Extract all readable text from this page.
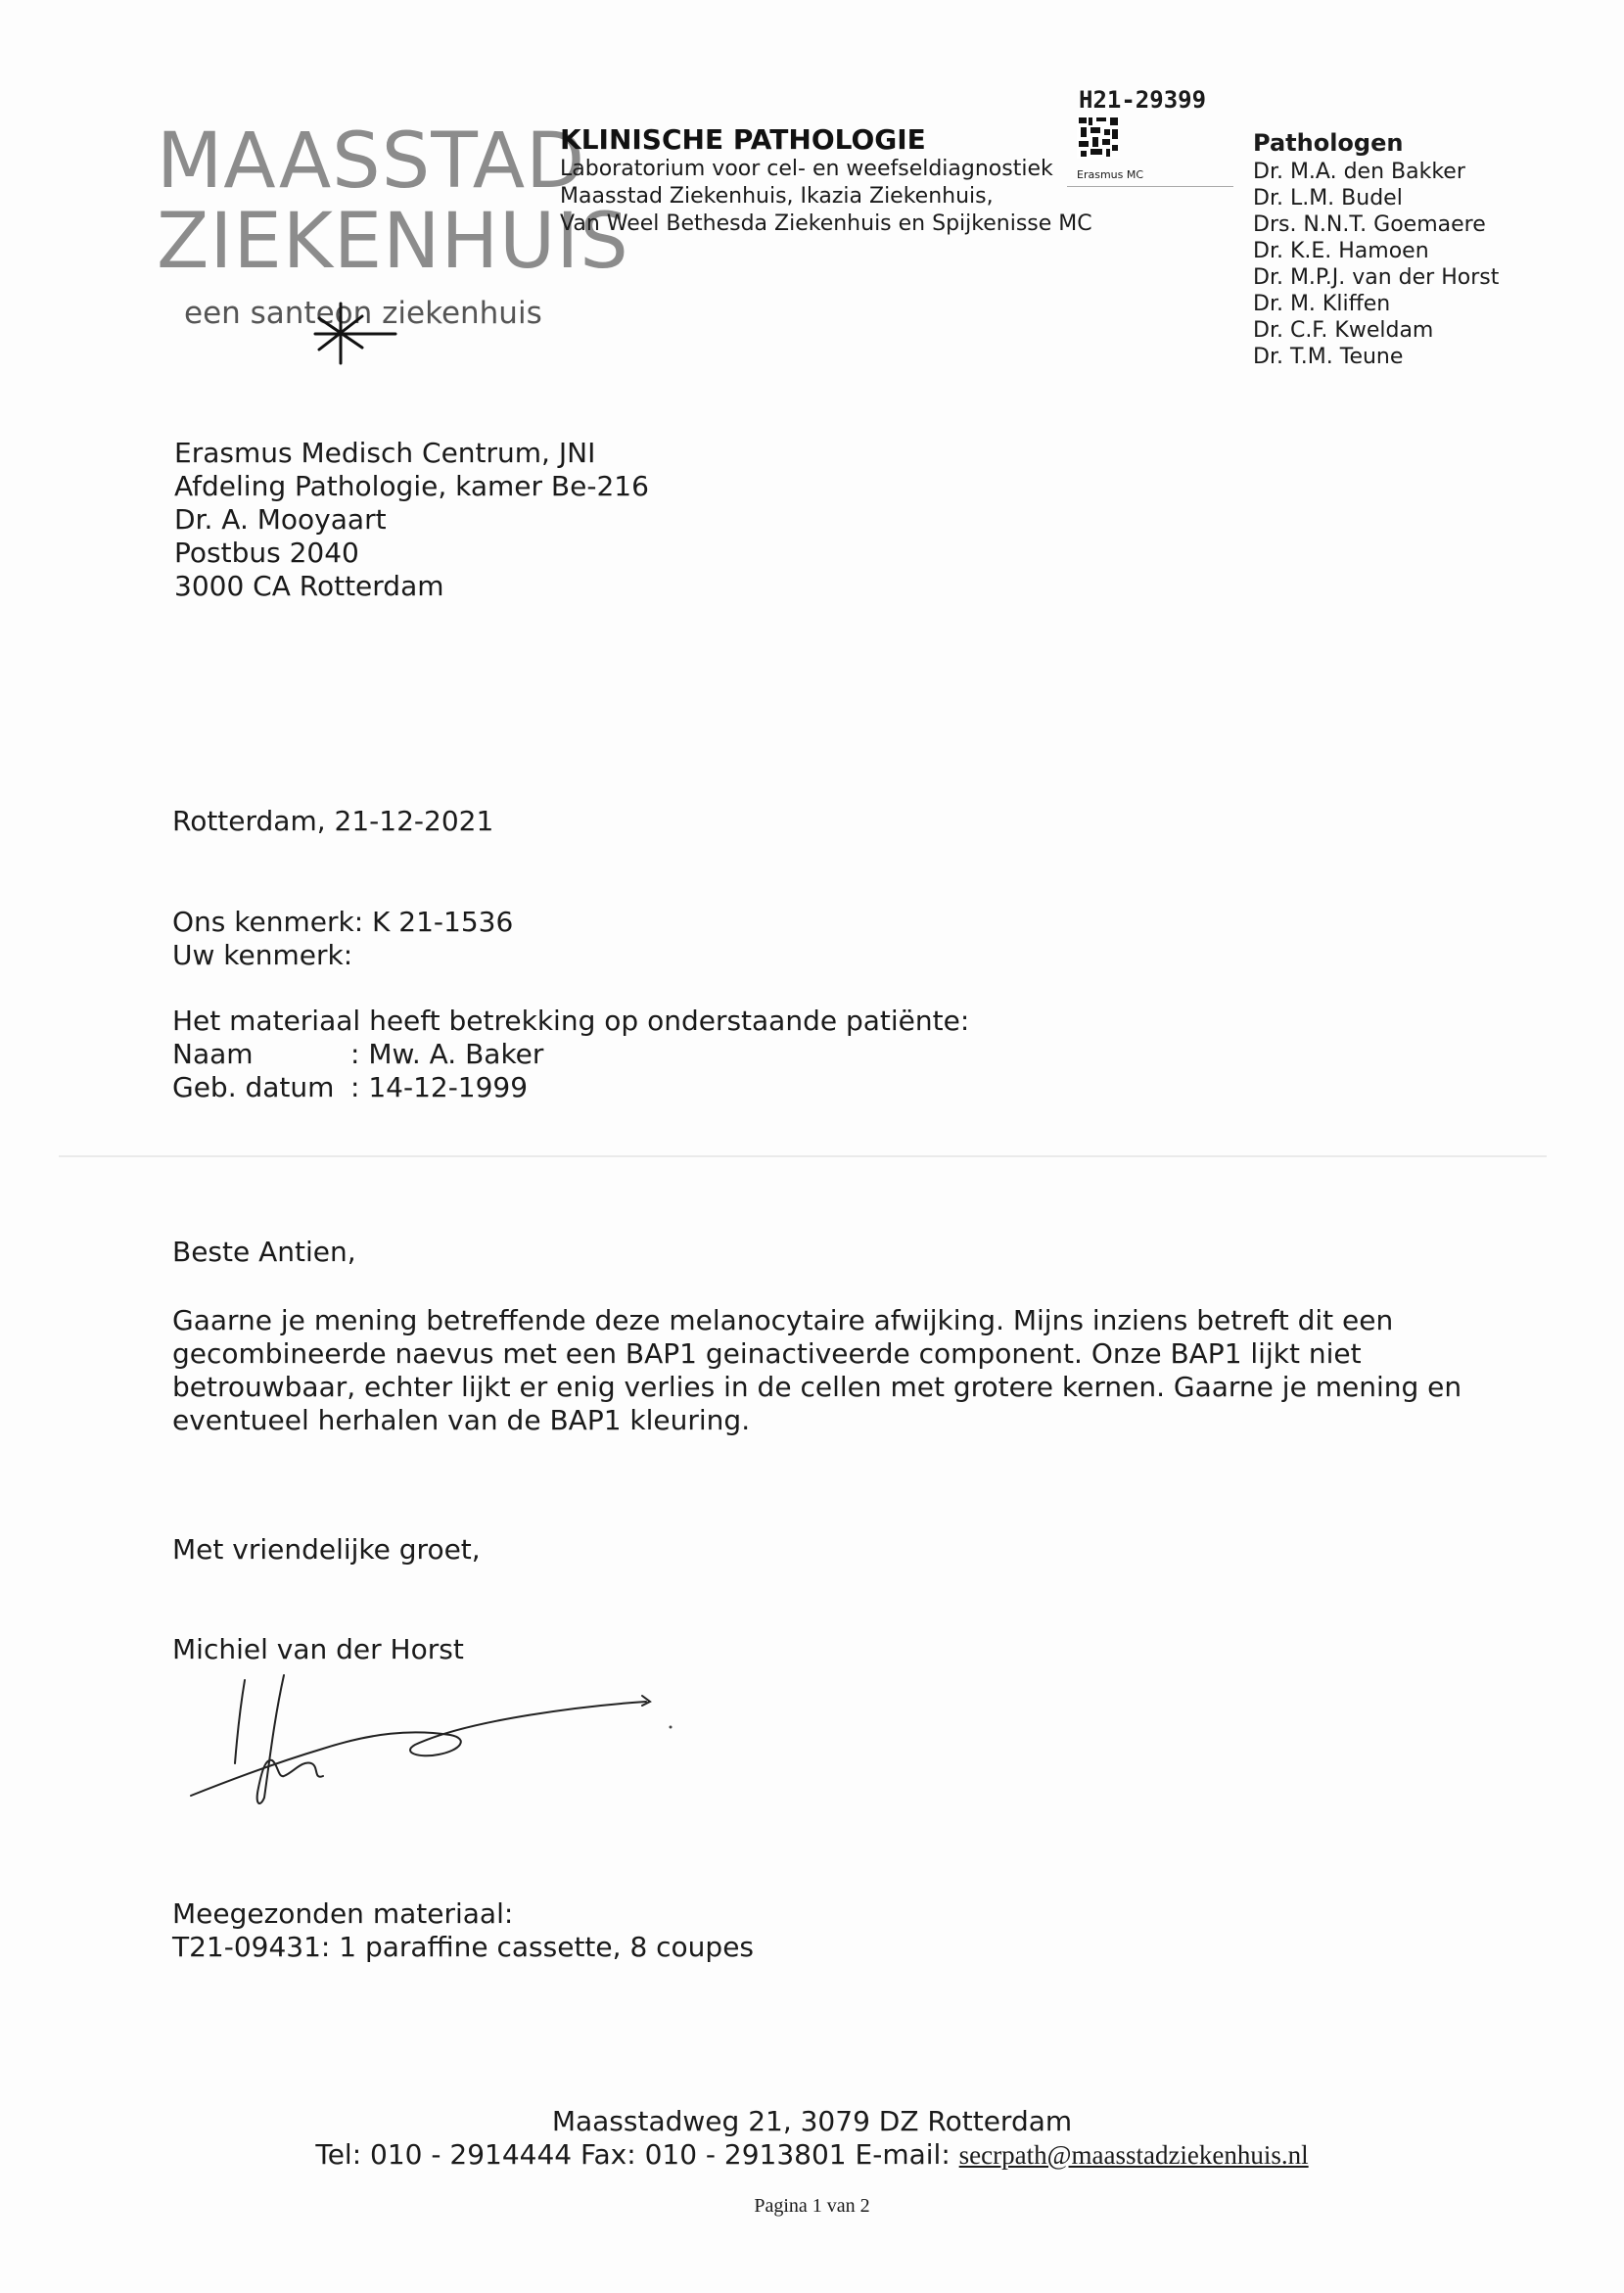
MAASSTAD
ZIEKENHUIS
een santeon ziekenhuis
H21-29399
Erasmus MC
KLINISCHE PATHOLOGIE
Laboratorium voor cel- en weefseldiagnostiek
Maasstad Ziekenhuis, Ikazia Ziekenhuis,
Van Weel Bethesda Ziekenhuis en Spijkenisse MC
Pathologen
Dr. M.A. den Bakker
Dr. L.M. Budel
Drs. N.N.T. Goemaere
Dr. K.E. Hamoen
Dr. M.P.J. van der Horst
Dr. M. Kliffen
Dr. C.F. Kweldam
Dr. T.M. Teune
Erasmus Medisch Centrum, JNI
Afdeling Pathologie, kamer Be-216
Dr. A. Mooyaart
Postbus 2040
3000 CA Rotterdam
Rotterdam, 21-12-2021
Ons kenmerk: K 21-1536
Uw kenmerk:
Het materiaal heeft betrekking op onderstaande patiënte:
Naam	: Mw. A. Baker
Geb. datum : 14-12-1999
Beste Antien,
Gaarne je mening betreffende deze melanocytaire afwijking. Mijns inziens betreft dit een gecombineerde naevus met een BAP1 geinactiveerde component. Onze BAP1 lijkt niet betrouwbaar, echter lijkt er enig verlies in de cellen met grotere kernen. Gaarne je mening en eventueel herhalen van de BAP1 kleuring.
Met vriendelijke groet,
Michiel van der Horst
Meegezonden materiaal:
T21-09431: 1 paraffine cassette, 8 coupes
Maasstadweg 21, 3079 DZ Rotterdam
Tel: 010 - 2914444 Fax: 010 - 2913801 E-mail: secrpath@maasstadziekenhuis.nl
Pagina 1 van 2
